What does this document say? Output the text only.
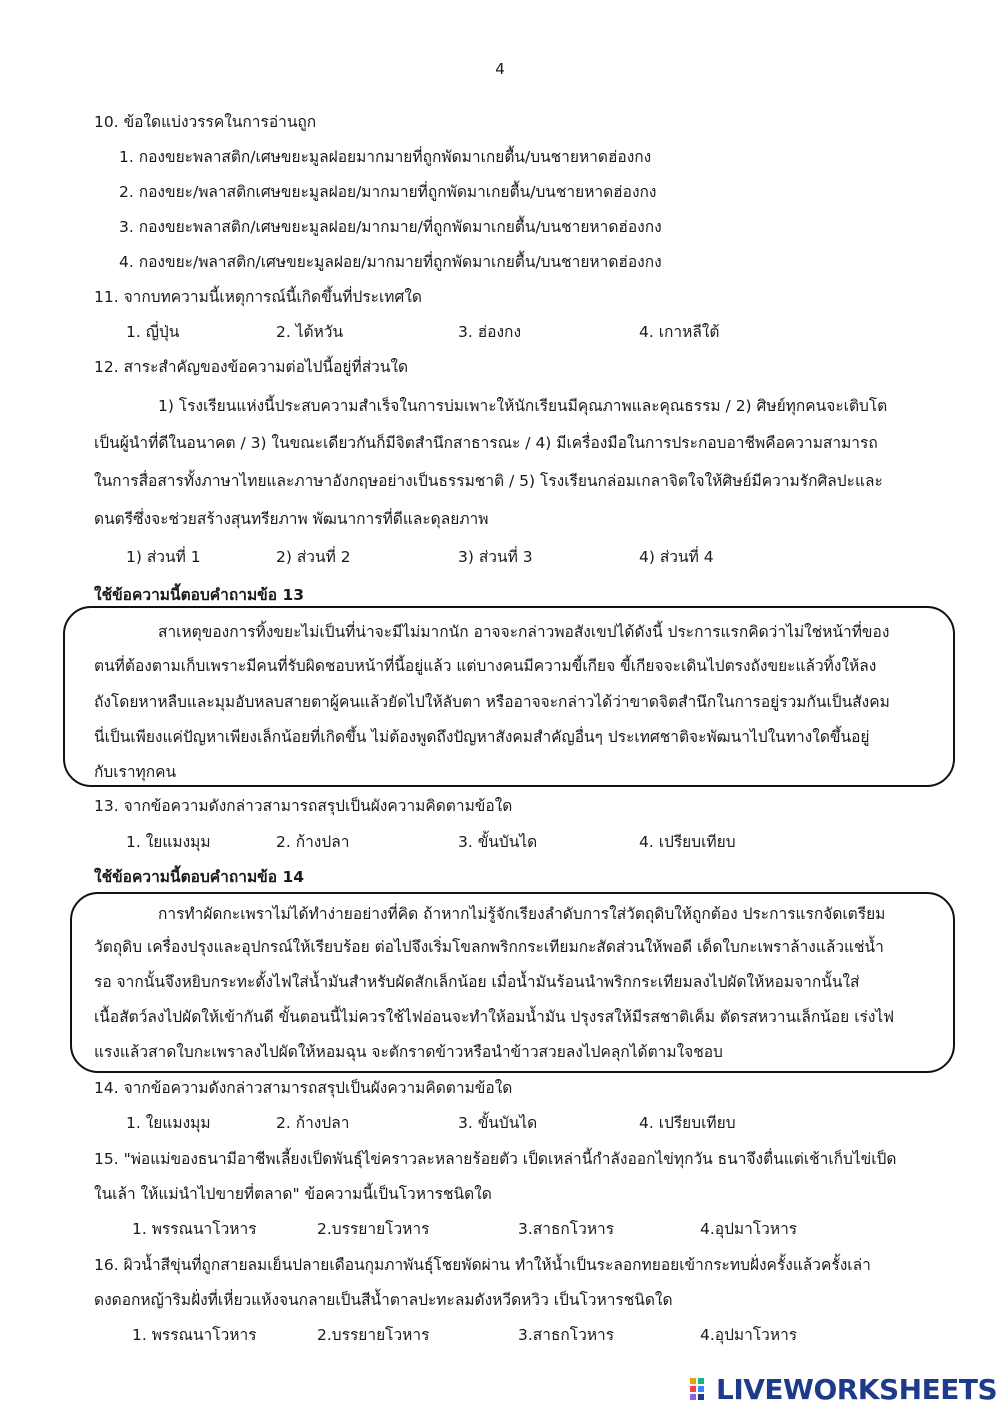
4
10. ข้อใดแบ่งวรรคในการอ่านถูก
1. กองขยะพลาสติก/เศษขยะมูลฝอยมากมายที่ถูกพัดมาเกยตื้น/บนชายหาดฮ่องกง
2. กองขยะ/พลาสติกเศษขยะมูลฝอย/มากมายที่ถูกพัดมาเกยตื้น/บนชายหาดฮ่องกง
3. กองขยะพลาสติก/เศษขยะมูลฝอย/มากมาย/ที่ถูกพัดมาเกยตื้น/บนชายหาดฮ่องกง
4. กองขยะ/พลาสติก/เศษขยะมูลฝอย/มากมายที่ถูกพัดมาเกยตื้น/บนชายหาดฮ่องกง
11. จากบทความนี้เหตุการณ์นี้เกิดขึ้นที่ประเทศใด
1. ญี่ปุ่น	2. ไต้หวัน	3. ฮ่องกง	4. เกาหลีใต้
12. สาระสำคัญของข้อความต่อไปนี้อยู่ที่ส่วนใด
1) โรงเรียนแห่งนี้ประสบความสำเร็จในการบ่มเพาะให้นักเรียนมีคุณภาพและคุณธรรม / 2) ศิษย์ทุกคนจะเติบโต
เป็นผู้นำที่ดีในอนาคต / 3) ในขณะเดียวกันก็มีจิตสำนึกสาธารณะ / 4) มีเครื่องมือในการประกอบอาชีพคือความสามารถ
ในการสื่อสารทั้งภาษาไทยและภาษาอังกฤษอย่างเป็นธรรมชาติ / 5) โรงเรียนกล่อมเกลาจิตใจให้ศิษย์มีความรักศิลปะและ
ดนตรีซึ่งจะช่วยสร้างสุนทรียภาพ พัฒนาการที่ดีและดุลยภาพ
1) ส่วนที่ 1	2) ส่วนที่ 2	3) ส่วนที่ 3	4) ส่วนที่ 4
ใช้ข้อความนี้ตอบคำถามข้อ 13
สาเหตุของการทิ้งขยะไม่เป็นที่น่าจะมีไม่มากนัก อาจจะกล่าวพอสังเขปได้ดังนี้ ประการแรกคิดว่าไม่ใช่หน้าที่ของ
ตนที่ต้องตามเก็บเพราะมีคนที่รับผิดชอบหน้าที่นี้อยู่แล้ว แต่บางคนมีความขี้เกียจ ขี้เกียจจะเดินไปตรงถังขยะแล้วทิ้งให้ลง
ถังโดยหาหลืบและมุมอับหลบสายตาผู้คนแล้วยัดไปให้ลับตา หรืออาจจะกล่าวได้ว่าขาดจิตสำนึกในการอยู่รวมกันเป็นสังคม
นี่เป็นเพียงแค่ปัญหาเพียงเล็กน้อยที่เกิดขึ้น ไม่ต้องพูดถึงปัญหาสังคมสำคัญอื่นๆ ประเทศชาติจะพัฒนาไปในทางใดขึ้นอยู่
กับเราทุกคน
13. จากข้อความดังกล่าวสามารถสรุปเป็นผังความคิดตามข้อใด
1. ใยแมงมุม	2. ก้างปลา	3. ขั้นบันได	4. เปรียบเทียบ
ใช้ข้อความนี้ตอบคำถามข้อ 14
การทำผัดกะเพราไม่ได้ทำง่ายอย่างที่คิด ถ้าหากไม่รู้จักเรียงลำดับการใส่วัตถุดิบให้ถูกต้อง ประการแรกจัดเตรียม
วัตถุดิบ เครื่องปรุงและอุปกรณ์ให้เรียบร้อย ต่อไปจึงเริ่มโขลกพริกกระเทียมกะสัดส่วนให้พอดี เด็ดใบกะเพราล้างแล้วแช่น้ำ
รอ จากนั้นจึงหยิบกระทะตั้งไฟใส่น้ำมันสำหรับผัดสักเล็กน้อย เมื่อน้ำมันร้อนนำพริกกระเทียมลงไปผัดให้หอมจากนั้นใส่
เนื้อสัตว์ลงไปผัดให้เข้ากันดี ขั้นตอนนี้ไม่ควรใช้ไฟอ่อนจะทำให้อมน้ำมัน ปรุงรสให้มีรสชาติเค็ม ตัดรสหวานเล็กน้อย เร่งไฟ
แรงแล้วสาดใบกะเพราลงไปผัดให้หอมฉุน จะตักราดข้าวหรือนำข้าวสวยลงไปคลุกได้ตามใจชอบ
14. จากข้อความดังกล่าวสามารถสรุปเป็นผังความคิดตามข้อใด
1. ใยแมงมุม	2. ก้างปลา	3. ขั้นบันได	4. เปรียบเทียบ
15. "พ่อแม่ของธนามีอาชีพเลี้ยงเป็ดพันธุ์ไข่คราวละหลายร้อยตัว เป็ดเหล่านี้กำลังออกไข่ทุกวัน ธนาจึงตื่นแต่เช้าเก็บไข่เป็ด
ในเล้า ให้แม่นำไปขายที่ตลาด" ข้อความนี้เป็นโวหารชนิดใด
1. พรรณนาโวหาร	2.บรรยายโวหาร	3.สาธกโวหาร	4.อุปมาโวหาร
16. ผิวน้ำสีขุ่นที่ถูกสายลมเย็นปลายเดือนกุมภาพันธุ์โชยพัดผ่าน ทำให้น้ำเป็นระลอกทยอยเข้ากระทบฝั่งครั้งแล้วครั้งเล่า
ดงดอกหญ้าริมฝั่งที่เหี่ยวแห้งจนกลายเป็นสีน้ำตาลปะทะลมดังหวีดหวิว เป็นโวหารชนิดใด
1. พรรณนาโวหาร	2.บรรยายโวหาร	3.สาธกโวหาร	4.อุปมาโวหาร
LIVEWORKSHEETS
